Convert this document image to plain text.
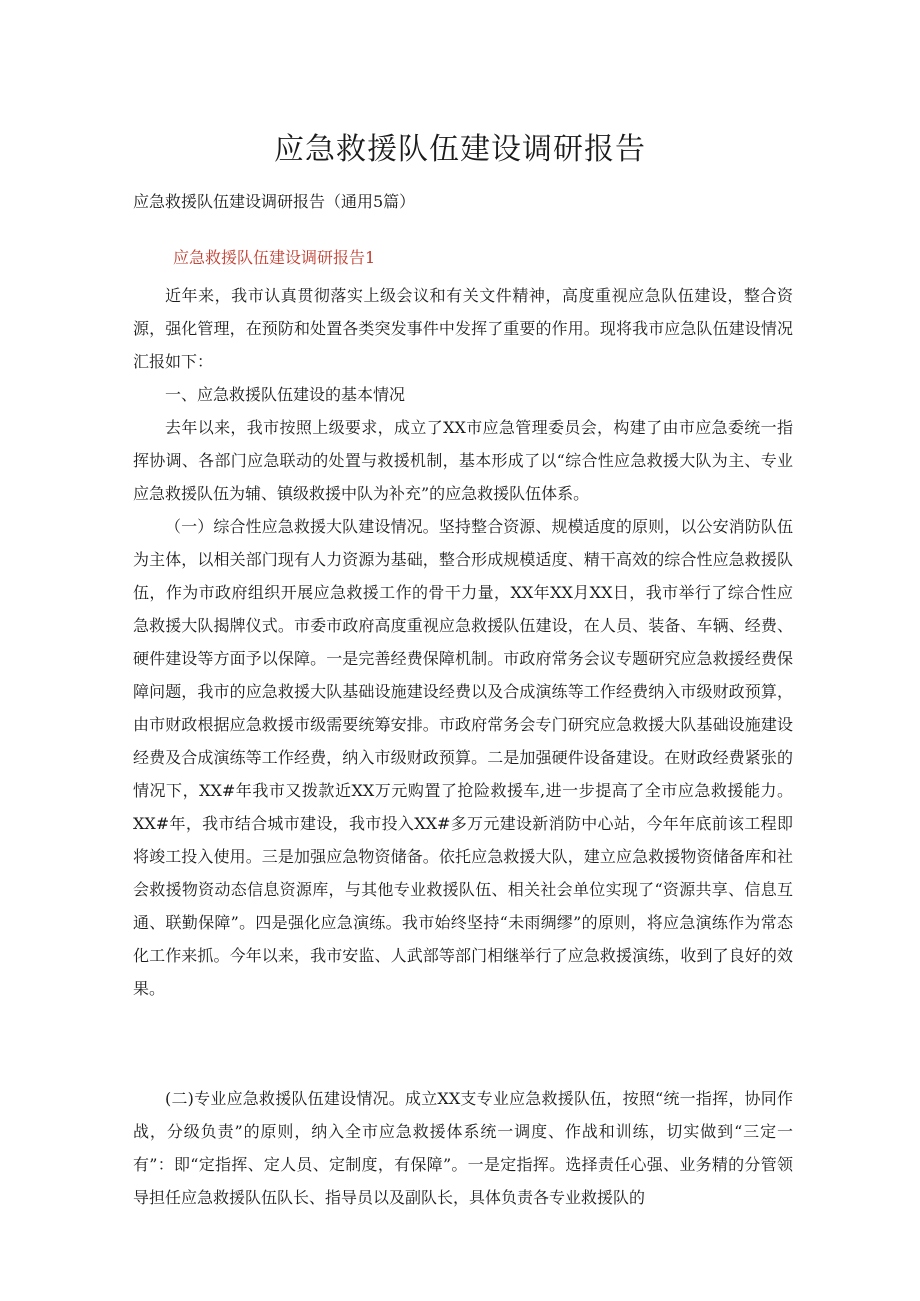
应急救援队伍建设调研报告

应急救援队伍建设调研报告（通用5篇）

应急救援队伍建设调研报告1

近年来，我市认真贯彻落实上级会议和有关文件精神，高度重视应急队伍建设，整合资源，强化管理，在预防和处置各类突发事件中发挥了重要的作用。现将我市应急队伍建设情况汇报如下：

一、应急救援队伍建设的基本情况

去年以来，我市按照上级要求，成立了XX市应急管理委员会，构建了由市应急委统一指挥协调、各部门应急联动的处置与救援机制，基本形成了以“综合性应急救援大队为主、专业应急救援队伍为辅、镇级救援中队为补充”的应急救援队伍体系。

（一）综合性应急救援大队建设情况。坚持整合资源、规模适度的原则，以公安消防队伍为主体，以相关部门现有人力资源为基础，整合形成规模适度、精干高效的综合性应急救援队伍，作为市政府组织开展应急救援工作的骨干力量，XX年XX月XX日，我市举行了综合性应急救援大队揭牌仪式。市委市政府高度重视应急救援队伍建设，在人员、装备、车辆、经费、硬件建设等方面予以保障。一是完善经费保障机制。市政府常务会议专题研究应急救援经费保障问题，我市的应急救援大队基础设施建设经费以及合成演练等工作经费纳入市级财政预算，由市财政根据应急救援市级需要统筹安排。市政府常务会专门研究应急救援大队基础设施建设经费及合成演练等工作经费，纳入市级财政预算。二是加强硬件设备建设。在财政经费紧张的情况下，XX#年我市又拨款近XX万元购置了抢险救援车,进一步提高了全市应急救援能力。XX#年，我市结合城市建设，我市投入XX#多万元建设新消防中心站，今年年底前该工程即将竣工投入使用。三是加强应急物资储备。依托应急救援大队，建立应急救援物资储备库和社会救援物资动态信息资源库，与其他专业救援队伍、相关社会单位实现了“资源共享、信息互通、联勤保障”。四是强化应急演练。我市始终坚持“未雨绸缪”的原则，将应急演练作为常态化工作来抓。今年以来，我市安监、人武部等部门相继举行了应急救援演练，收到了良好的效果。

(二)专业应急救援队伍建设情况。成立XX支专业应急救援队伍，按照“统一指挥，协同作战，分级负责”的原则，纳入全市应急救援体系统一调度、作战和训练，切实做到“三定一有”：即“定指挥、定人员、定制度，有保障”。一是定指挥。选择责任心强、业务精的分管领导担任应急救援队伍队长、指导员以及副队长，具体负责各专业救援队的
